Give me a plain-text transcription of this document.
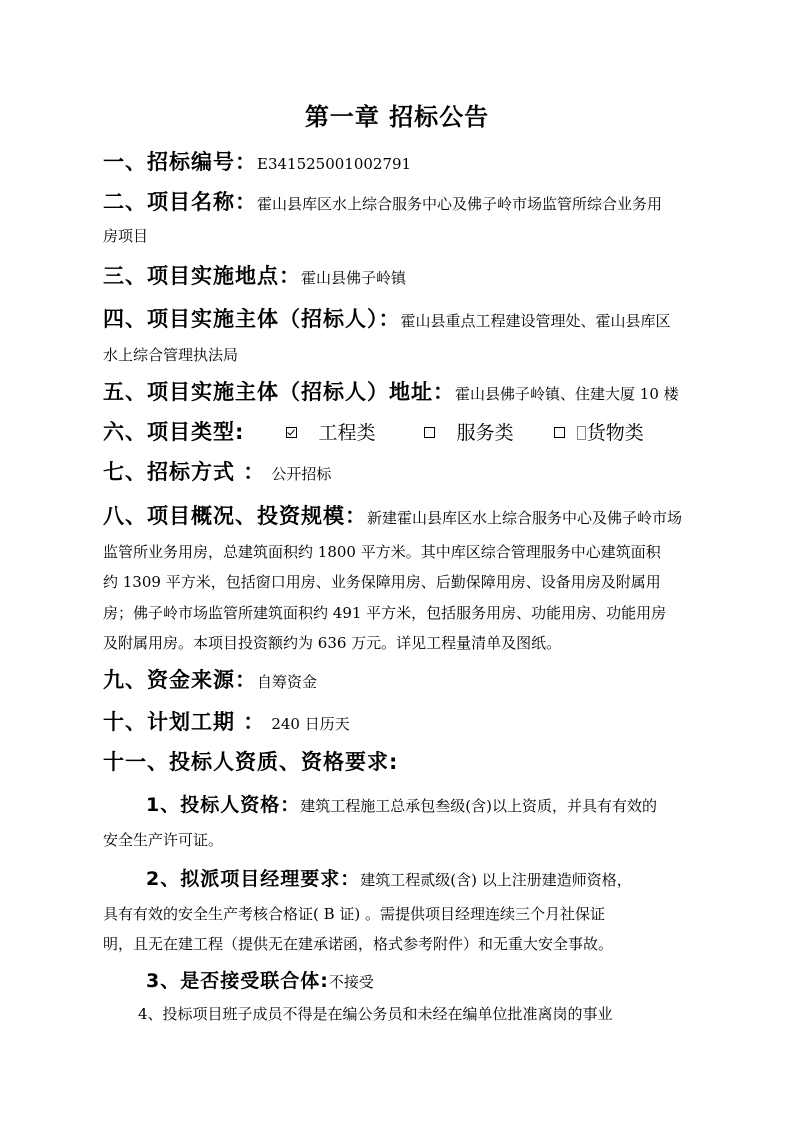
第一章 招标公告
一、招标编号：E341525001002791
二、项目名称：霍山县库区水上综合服务中心及佛子岭市场监管所综合业务用
房项目
三、项目实施地点：霍山县佛子岭镇
四、项目实施主体（招标人）：霍山县重点工程建设管理处、霍山县库区
水上综合管理执法局
五、项目实施主体（招标人）地址：霍山县佛子岭镇、住建大厦 10 楼
六、项目类型:	工程类	服务类	货物类
七、招标方式 ： 公开招标
八、项目概况、投资规模：新建霍山县库区水上综合服务中心及佛子岭市场
监管所业务用房，总建筑面积约 1800 平方米。其中库区综合管理服务中心建筑面积
约 1309 平方米，包括窗口用房、业务保障用房、后勤保障用房、设备用房及附属用
房；佛子岭市场监管所建筑面积约 491 平方米，包括服务用房、功能用房、功能用房
及附属用房。本项目投资额约为 636 万元。详见工程量清单及图纸。
九、资金来源：自筹资金
十、计划工期 ： 240 日历天
十一、投标人资质、资格要求:
1、投标人资格：建筑工程施工总承包叁级(含)以上资质，并具有有效的
安全生产许可证。
2、拟派项目经理要求：建筑工程贰级(含) 以上注册建造师资格，
具有有效的安全生产考核合格证( B 证) 。需提供项目经理连续三个月社保证
明，且无在建工程（提供无在建承诺函，格式参考附件）和无重大安全事故。
3、是否接受联合体:不接受
4、投标项目班子成员不得是在编公务员和未经在编单位批准离岗的事业
